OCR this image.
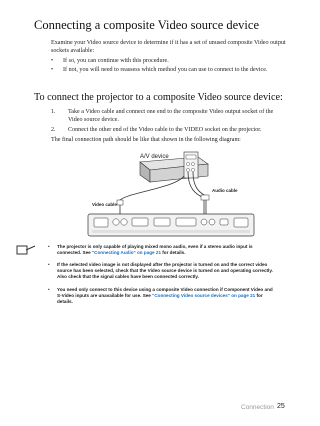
Connecting a composite Video source device

Examine your Video source device to determine if it has a set of unused composite Video output sockets available:

• If so, you can continue with this procedure.
• If not, you will need to reassess which method you can use to connect to the device.
To connect the projector to a composite Video source device:
1. Take a Video cable and connect one end to the composite Video output socket of the Video source device.
2. Connect the other end of the Video cable to the VIDEO socket on the projector.

The final connection path should be like that shown in the following diagram:

A/V device
Audio cable
Video cable
• The projector is only capable of playing mixed mono audio, even if a stereo audio input is connected. See "Connecting Audio" on page 21 for details.
• If the selected video image is not displayed after the projector is turned on and the correct video source has been selected, check that the Video source device is turned on and operating correctly. Also check that the signal cables have been connected correctly.
• You need only connect to this device using a composite Video connection if Component Video and S-Video inputs are unavailable for use. See "Connecting Video source devices" on page 21 for details.
Connection 25
